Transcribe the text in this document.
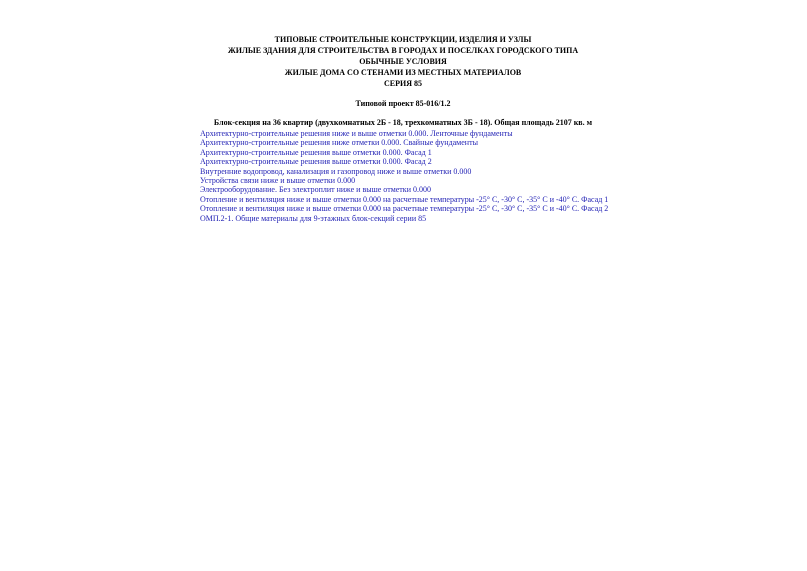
ТИПОВЫЕ СТРОИТЕЛЬНЫЕ КОНСТРУКЦИИ, ИЗДЕЛИЯ И УЗЛЫ
ЖИЛЫЕ ЗДАНИЯ ДЛЯ СТРОИТЕЛЬСТВА В ГОРОДАХ И ПОСЕЛКАХ ГОРОДСКОГО ТИПА
ОБЫЧНЫЕ УСЛОВИЯ
ЖИЛЫЕ ДОМА СО СТЕНАМИ ИЗ МЕСТНЫХ МАТЕРИАЛОВ
СЕРИЯ 85
Типовой проект 85-016/1.2
Блок-секция на 36 квартир (двухкомнатных 2Б - 18, трехкомнатных 3Б - 18). Общая площадь 2107 кв. м
Архитектурно-строительные решения ниже и выше отметки 0.000. Ленточные фундаменты
Архитектурно-строительные решения ниже отметки 0.000. Свайные фундаменты
Архитектурно-строительные решения выше отметки 0.000. Фасад 1
Архитектурно-строительные решения выше отметки 0.000. Фасад 2
Внутренние водопровод, канализация и газопровод ниже и выше отметки 0.000
Устройства связи ниже и выше отметки 0.000
Электрооборудование. Без электроплит ниже и выше отметки 0.000
Отопление и вентиляция ниже и выше отметки 0.000 на расчетные температуры -25° С, -30° С, -35° С и -40° С. Фасад 1
Отопление и вентиляция ниже и выше отметки 0.000 на расчетные температуры -25° С, -30° С, -35° С и -40° С. Фасад 2
ОМП.2-1. Общие материалы для 9-этажных блок-секций серии 85
